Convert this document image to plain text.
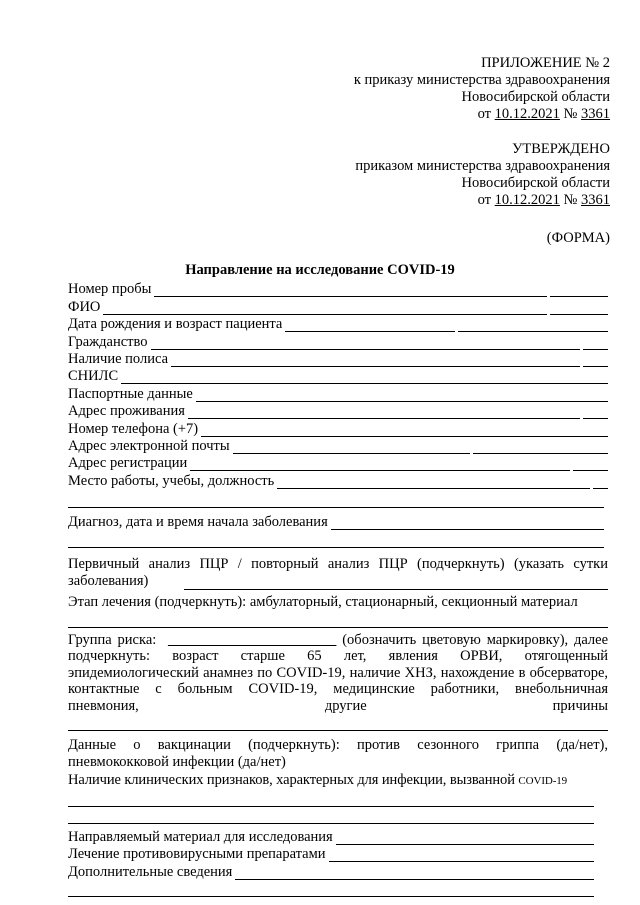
ПРИЛОЖЕНИЕ № 2
к приказу министерства здравоохранения
Новосибирской области
от 10.12.2021 № 3361
УТВЕРЖДЕНО
приказом министерства здравоохранения
Новосибирской области
от 10.12.2021 № 3361
(ФОРМА)
Направление на исследование COVID-19
Номер пробы
ФИО
Дата рождения и возраст пациента
Гражданство
Наличие полиса
СНИЛС
Паспортные данные
Адрес проживания
Номер телефона (+7)
Адрес электронной почты
Адрес регистрации
Место работы, учебы, должность
Диагноз, дата и время начала заболевания
Первичный анализ ПЦР / повторный анализ ПЦР (подчеркнуть) (указать сутки заболевания)
Этап лечения (подчеркнуть): амбулаторный, стационарный, секционный материал
Группа риска:	(обозначить цветовую маркировку), далее подчеркнуть: возраст старше 65 лет, явления ОРВИ, отягощенный эпидемиологический анамнез по COVID-19, наличие ХНЗ, нахождение в обсерваторе, контактные с больным COVID-19, медицинские работники, внебольничная пневмония, другие причины
Данные о вакцинации (подчеркнуть): против сезонного гриппа (да/нет), пневмококковой инфекции (да/нет)
Наличие клинических признаков, характерных для инфекции, вызванной COVID-19
Направляемый материал для исследования
Лечение противовирусными препаратами
Дополнительные сведения
